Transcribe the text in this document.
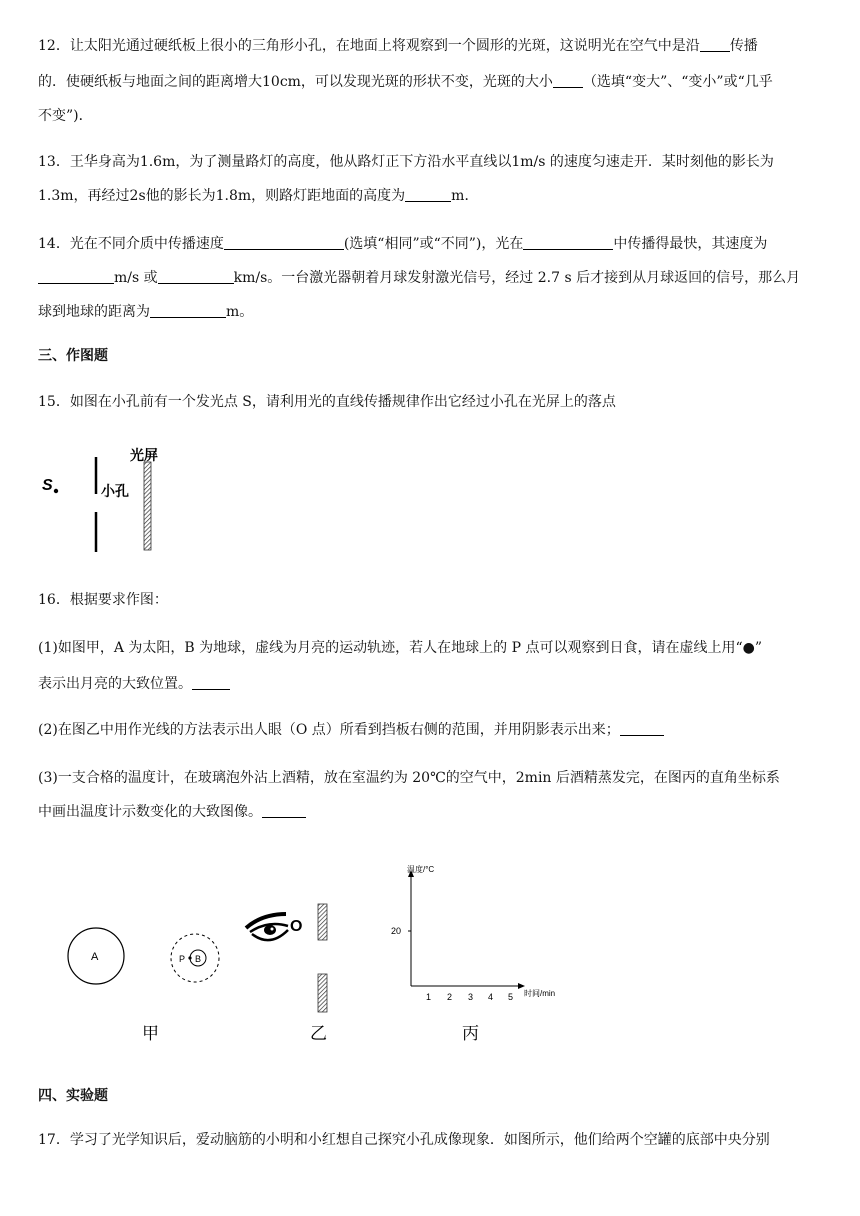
12．让太阳光通过硬纸板上很小的三角形小孔，在地面上将观察到一个圆形的光斑，这说明光在空气中是沿 传播
的．使硬纸板与地面之间的距离增大10cm，可以发现光斑的形状不变，光斑的大小 （选填“变大”、“变小”或“几乎
不变”)．
13．王华身高为1.6m，为了测量路灯的高度，他从路灯正下方沿水平直线以1m/s 的速度匀速走开．某时刻他的影长为
1.3m，再经过2s他的影长为1.8m，则路灯距地面的高度为	m．
14．光在不同介质中传播速度	(选填“相同”或“不同”)，光在	中传播得最快，其速度为
m/s 或	km/s。一台激光器朝着月球发射激光信号，经过 2.7 s 后才接到从月球返回的信号，那么月
球到地球的距离为	m。
三、作图题
15．如图在小孔前有一个发光点 S，请利用光的直线传播规律作出它经过小孔在光屏上的落点
S	小孔
光屏
16．根据要求作图：
(1)如图甲，A 为太阳，B 为地球，虚线为月亮的运动轨迹，若人在地球上的 P 点可以观察到日食，请在虚线上用“●”
表示出月亮的大致位置。
(2)在图乙中用作光线的方法表示出人眼（O 点）所看到挡板右侧的范围，并用阴影表示出来；
(3)一支合格的温度计，在玻璃泡外沾上酒精，放在室温约为 20℃的空气中，2min 后酒精蒸发完，在图丙的直角坐标系
中画出温度计示数变化的大致图像。
A	B
P
甲
O
乙
温度/°C
20
1 2 3 4 5 时间/min
丙
四、实验题
17．学习了光学知识后，爱动脑筋的小明和小红想自己探究小孔成像现象．如图所示，他们给两个空罐的底部中央分别
